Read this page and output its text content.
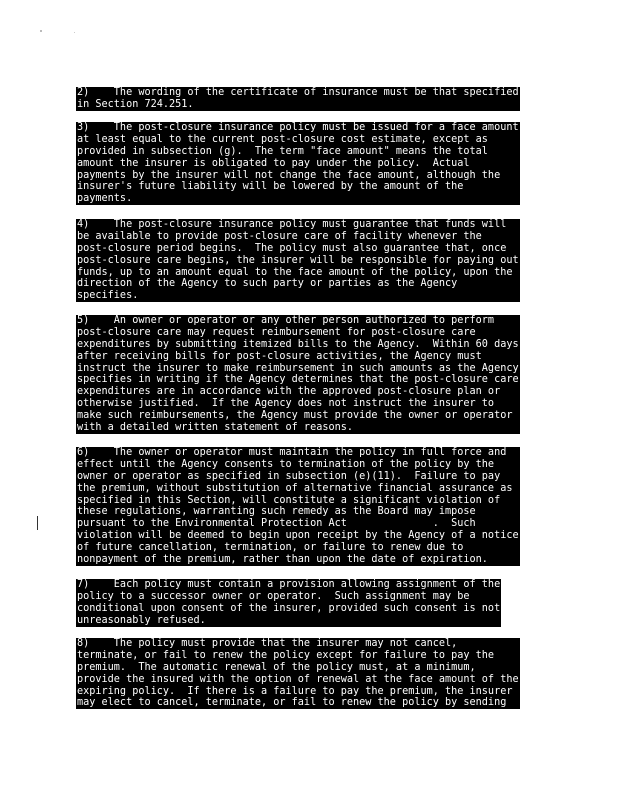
2)    The wording of the certificate of insurance must be that specified
in Section 724.251.
3)    The post-closure insurance policy must be issued for a face amount
at least equal to the current post-closure cost estimate, except as
provided in subsection (g).  The term "face amount" means the total
amount the insurer is obligated to pay under the policy.  Actual
payments by the insurer will not change the face amount, although the
insurer's future liability will be lowered by the amount of the
payments.
4)    The post-closure insurance policy must guarantee that funds will
be available to provide post-closure care of facility whenever the
post-closure period begins.  The policy must also guarantee that, once
post-closure care begins, the insurer will be responsible for paying out
funds, up to an amount equal to the face amount of the policy, upon the
direction of the Agency to such party or parties as the Agency
specifies.
5)    An owner or operator or any other person authorized to perform
post-closure care may request reimbursement for post-closure care
expenditures by submitting itemized bills to the Agency.  Within 60 days
after receiving bills for post-closure activities, the Agency must
instruct the insurer to make reimbursement in such amounts as the Agency
specifies in writing if the Agency determines that the post-closure care
expenditures are in accordance with the approved post-closure plan or
otherwise justified.  If the Agency does not instruct the insurer to
make such reimbursements, the Agency must provide the owner or operator
with a detailed written statement of reasons.
6)    The owner or operator must maintain the policy in full force and
effect until the Agency consents to termination of the policy by the
owner or operator as specified in subsection (e)(11).  Failure to pay
the premium, without substitution of alternative financial assurance as
specified in this Section, will constitute a significant violation of
these regulations, warranting such remedy as the Board may impose
pursuant to the Environmental Protection Act              .  Such
violation will be deemed to begin upon receipt by the Agency of a notice
of future cancellation, termination, or failure to renew due to
nonpayment of the premium, rather than upon the date of expiration.
7)    Each policy must contain a provision allowing assignment of the
policy to a successor owner or operator.  Such assignment may be
conditional upon consent of the insurer, provided such consent is not
unreasonably refused.
8)    The policy must provide that the insurer may not cancel,
terminate, or fail to renew the policy except for failure to pay the
premium.  The automatic renewal of the policy must, at a minimum,
provide the insured with the option of renewal at the face amount of the
expiring policy.  If there is a failure to pay the premium, the insurer
may elect to cancel, terminate, or fail to renew the policy by sending
